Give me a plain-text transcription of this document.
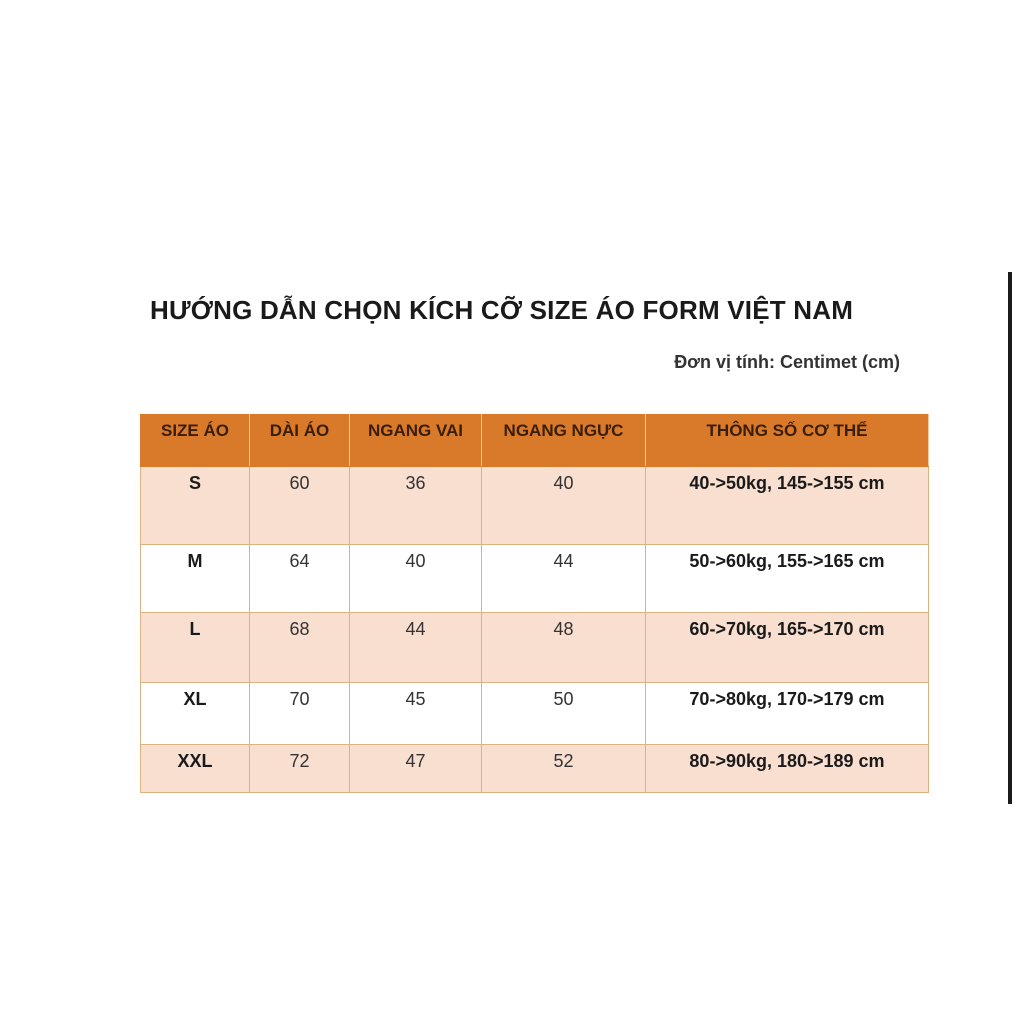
HƯỚNG DẪN CHỌN KÍCH CỠ SIZE ÁO FORM VIỆT NAM
Đơn vị tính: Centimet (cm)
SIZE ÁO	DÀI ÁO	NGANG VAI	NGANG NGỰC	THÔNG SỐ CƠ THỂ
S	60	36	40	40->50kg, 145->155 cm
M	64	40	44	50->60kg, 155->165 cm
L	68	44	48	60->70kg, 165->170 cm
XL	70	45	50	70->80kg, 170->179 cm
XXL	72	47	52	80->90kg, 180->189 cm
